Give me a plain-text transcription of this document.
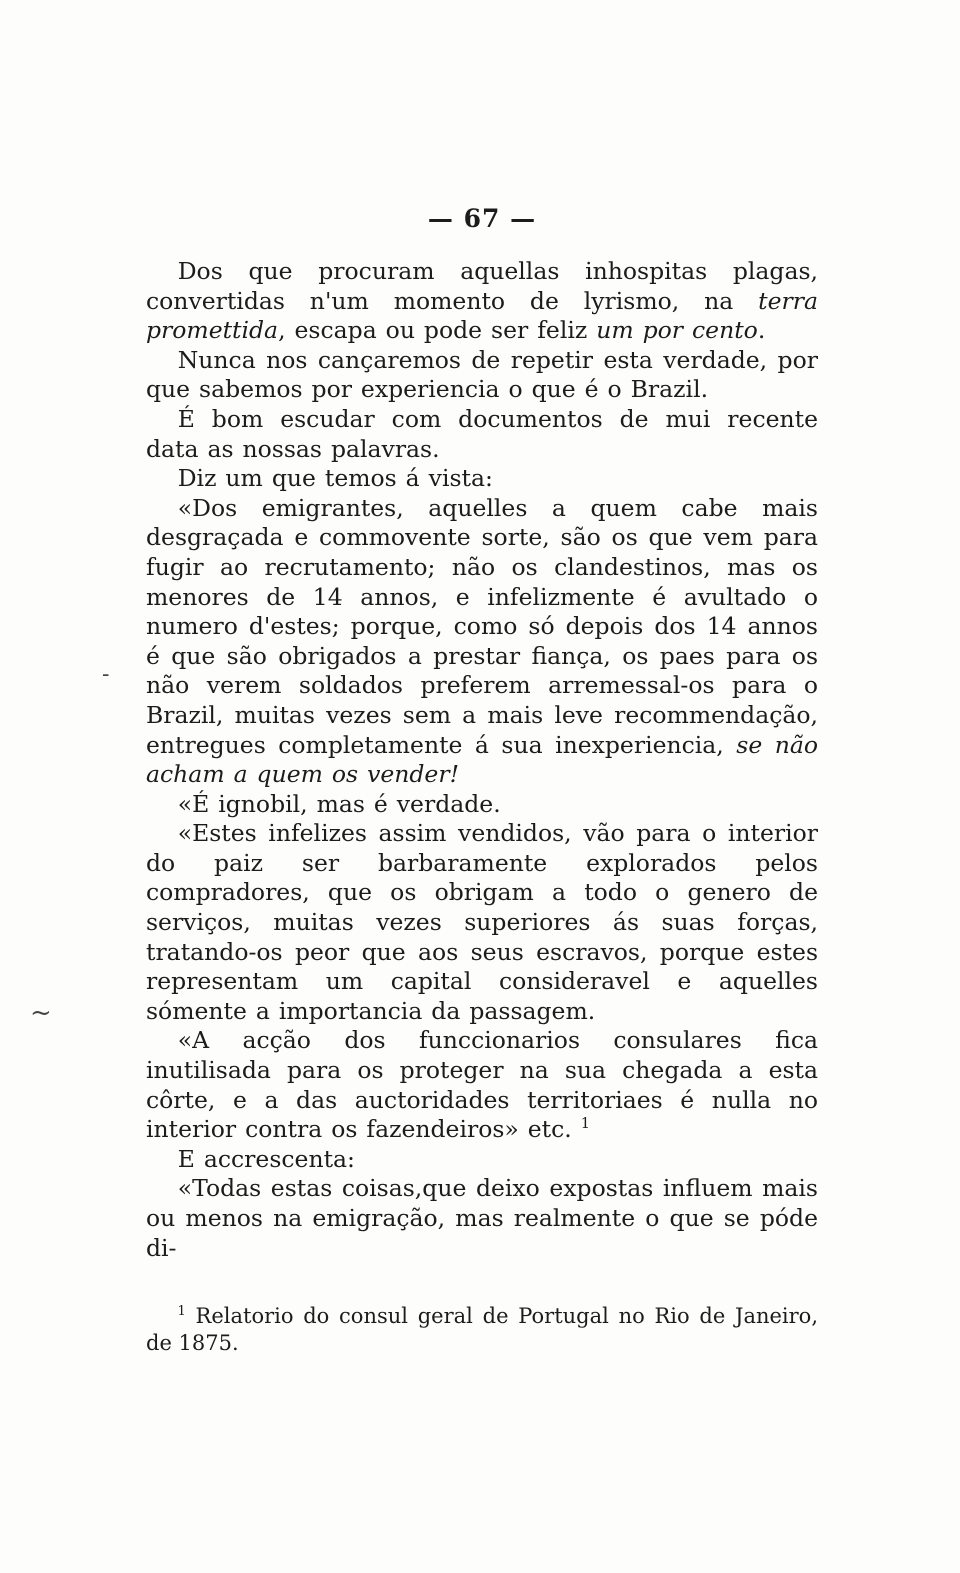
— 67 —

Dos que procuram aquellas inhospitas plagas, convertidas n'um momento de lyrismo, na terra promettida, escapa ou pode ser feliz um por cento.

Nunca nos cançaremos de repetir esta verdade, por que sabemos por experiencia o que é o Brazil.

É bom escudar com documentos de mui recente data as nossas palavras.

Diz um que temos á vista:

«Dos emigrantes, aquelles a quem cabe mais desgraçada e commovente sorte, são os que vem para fugir ao recrutamento; não os clandestinos, mas os menores de 14 annos, e infelizmente é avultado o numero d'estes; porque, como só depois dos 14 annos é que são obrigados a prestar fiança, os paes para os não verem soldados preferem arremessal-os para o Brazil, muitas vezes sem a mais leve recommendação, entregues completamente á sua inexperiencia, se não acham a quem os vender!

«É ignobil, mas é verdade.

«Estes infelizes assim vendidos, vão para o interior do paiz ser barbaramente explorados pelos compradores, que os obrigam a todo o genero de serviços, muitas vezes superiores ás suas forças, tratando-os peor que aos seus escravos, porque estes representam um capital consideravel e aquelles sómente a importancia da passagem.

«A acção dos funccionarios consulares fica inutilisada para os proteger na sua chegada a esta côrte, e a das auctoridades territoriaes é nulla no interior contra os fazendeiros» etc. $^1$

E accrescenta:

«Todas estas coisas,que deixo expostas influem mais ou menos na emigração, mas realmente o que se póde di-

$^1$ Relatorio do consul geral de Portugal no Rio de Janeiro, de 1875.

-
~
